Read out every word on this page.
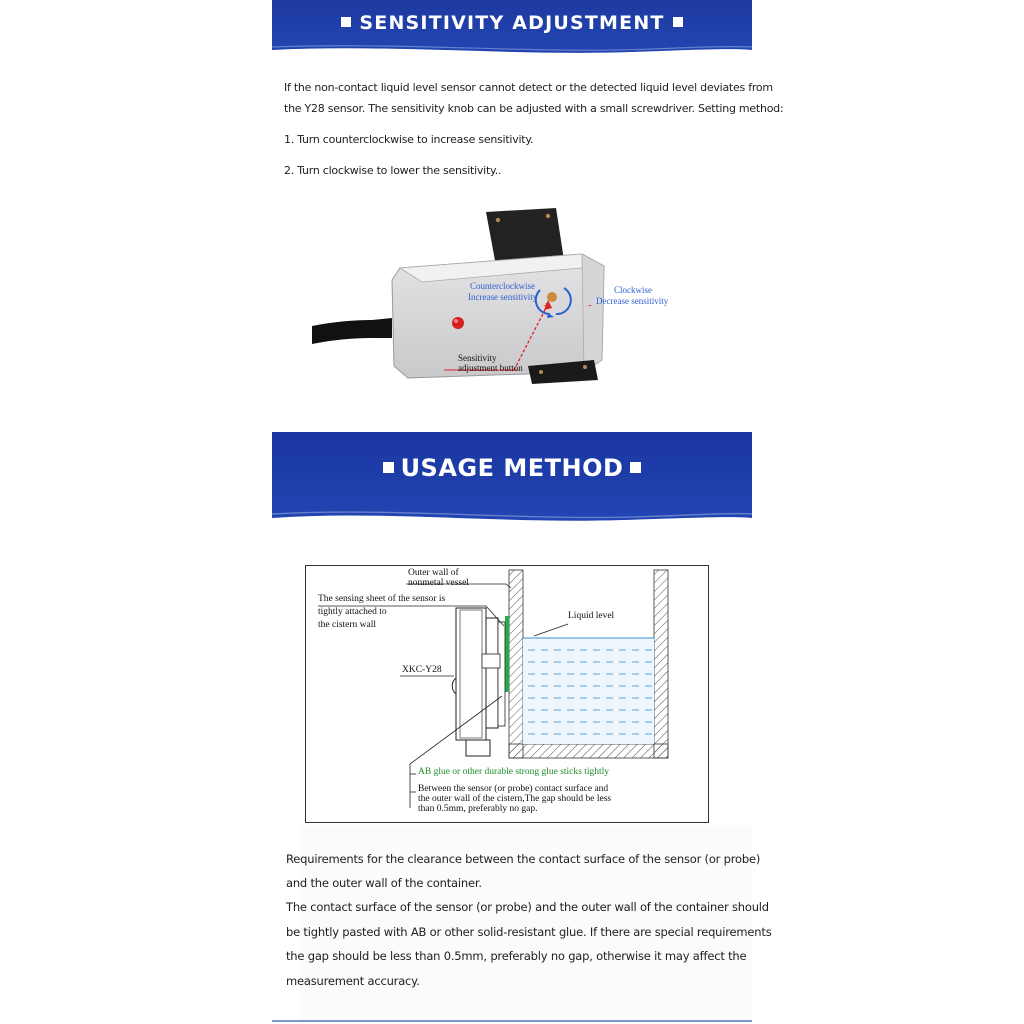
SENSITIVITY ADJUSTMENT
If the non-contact liquid level sensor cannot detect or the detected liquid level deviates from
the Y28 sensor. The sensitivity knob can be adjusted with a small screwdriver. Setting method:
1. Turn counterclockwise to increase sensitivity.
2. Turn clockwise to lower the sensitivity..
Counterclockwise
Increase sensitivity
Clockwise
Decrease sensitivity
+	-
Sensitivity
adjustment button
USAGE METHOD
Outer wall of
nonmetal vessel
The sensing sheet of the sensor is
tightly attached to
the cistern wall
XKC-Y28
Liquid level
AB glue or other durable strong glue sticks tightly
Between the sensor (or probe) contact surface and
the outer wall of the cistern,The gap should be less
than 0.5mm, preferably no gap.
Requirements for the clearance between the contact surface of the sensor (or probe)
and the outer wall of the container.
The contact surface of the sensor (or probe) and the outer wall of the container should
be tightly pasted with AB or other solid-resistant glue. If there are special requirements
the gap should be less than 0.5mm, preferably no gap, otherwise it may affect the
measurement accuracy.
